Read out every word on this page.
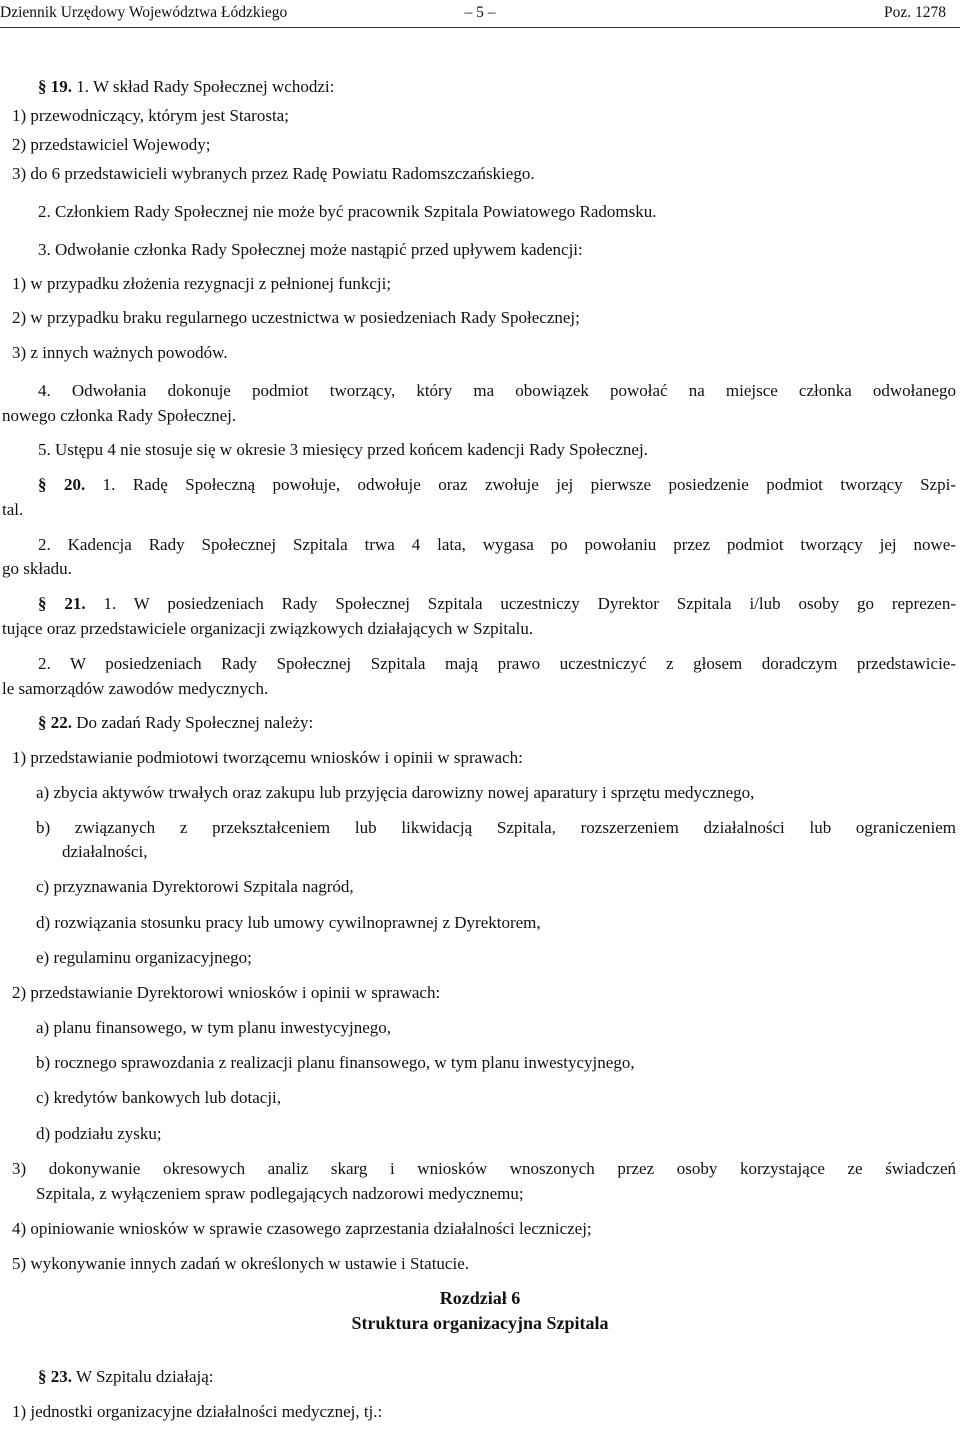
Dziennik Urzędowy Województwa Łódzkiego	– 5 –	Poz. 1278
§ 19. 1. W skład Rady Społecznej wchodzi:
1) przewodniczący, którym jest Starosta;
2) przedstawiciel Wojewody;
3) do 6 przedstawicieli wybranych przez Radę Powiatu Radomszczańskiego.
2. Członkiem Rady Społecznej nie może być pracownik Szpitala Powiatowego Radomsku.
3. Odwołanie członka Rady Społecznej może nastąpić przed upływem kadencji:
1) w przypadku złożenia rezygnacji z pełnionej funkcji;
2) w przypadku braku regularnego uczestnictwa w posiedzeniach Rady Społecznej;
3) z innych ważnych powodów.
4. Odwołania dokonuje podmiot tworzący, który ma obowiązek powołać na miejsce członka odwołanego
nowego członka Rady Społecznej.
5. Ustępu 4 nie stosuje się w okresie 3 miesięcy przed końcem kadencji Rady Społecznej.
§ 20. 1. Radę Społeczną powołuje, odwołuje oraz zwołuje jej pierwsze posiedzenie podmiot tworzący Szpi-
tal.
2. Kadencja Rady Społecznej Szpitala trwa 4 lata, wygasa po powołaniu przez podmiot tworzący jej nowe-
go składu.
§ 21. 1. W posiedzeniach Rady Społecznej Szpitala uczestniczy Dyrektor Szpitala i/lub osoby go reprezen-
tujące oraz przedstawiciele organizacji związkowych działających w Szpitalu.
2. W posiedzeniach Rady Społecznej Szpitala mają prawo uczestniczyć z głosem doradczym przedstawicie-
le samorządów zawodów medycznych.
§ 22. Do zadań Rady Społecznej należy:
1) przedstawianie podmiotowi tworzącemu wniosków i opinii w sprawach:
a) zbycia aktywów trwałych oraz zakupu lub przyjęcia darowizny nowej aparatury i sprzętu medycznego,
b) związanych z przekształceniem lub likwidacją Szpitala, rozszerzeniem działalności lub ograniczeniem
działalności,
c) przyznawania Dyrektorowi Szpitala nagród,
d) rozwiązania stosunku pracy lub umowy cywilnoprawnej z Dyrektorem,
e) regulaminu organizacyjnego;
2) przedstawianie Dyrektorowi wniosków i opinii w sprawach:
a) planu finansowego, w tym planu inwestycyjnego,
b) rocznego sprawozdania z realizacji planu finansowego, w tym planu inwestycyjnego,
c) kredytów bankowych lub dotacji,
d) podziału zysku;
3) dokonywanie okresowych analiz skarg i wniosków wnoszonych przez osoby korzystające ze świadczeń
Szpitala, z wyłączeniem spraw podlegających nadzorowi medycznemu;
4) opiniowanie wniosków w sprawie czasowego zaprzestania działalności leczniczej;
5) wykonywanie innych zadań w określonych w ustawie i Statucie.
Rozdział 6
Struktura organizacyjna Szpitala
§ 23. W Szpitalu działają:
1) jednostki organizacyjne działalności medycznej, tj.:
